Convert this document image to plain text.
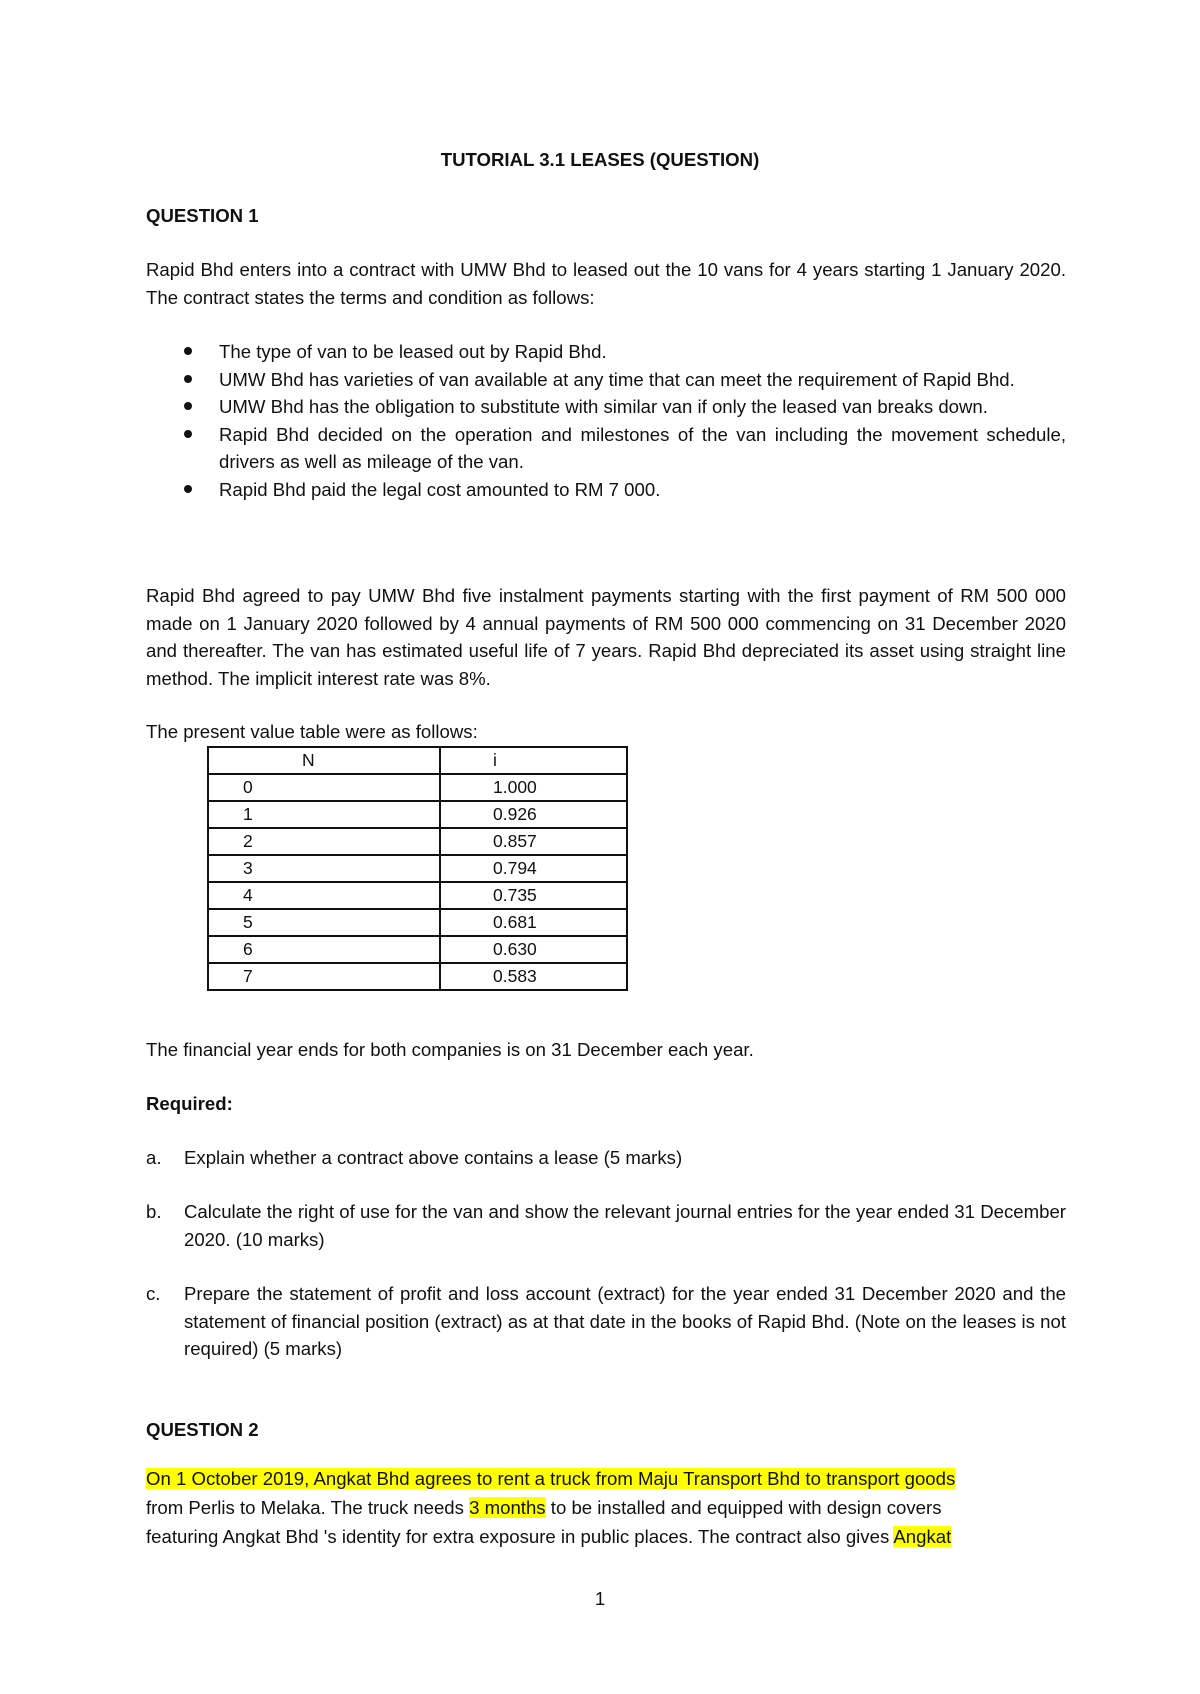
TUTORIAL 3.1 LEASES (QUESTION)
QUESTION 1
Rapid Bhd enters into a contract with UMW Bhd to leased out the 10 vans for 4 years starting 1 January 2020. The contract states the terms and condition as follows:
The type of van to be leased out by Rapid Bhd.
UMW Bhd has varieties of van available at any time that can meet the requirement of Rapid Bhd.
UMW Bhd has the obligation to substitute with similar van if only the leased van breaks down.
Rapid Bhd decided on the operation and milestones of the van including the movement schedule, drivers as well as mileage of the van.
Rapid Bhd paid the legal cost amounted to RM 7 000.
Rapid Bhd agreed to pay UMW Bhd five instalment payments starting with the first payment of RM 500 000 made on 1 January 2020 followed by 4 annual payments of RM 500 000 commencing on 31 December 2020 and thereafter. The van has estimated useful life of 7 years. Rapid Bhd depreciated its asset using straight line method. The implicit interest rate was 8%.
The present value table were as follows:
N	i
0	1.000
1	0.926
2	0.857
3	0.794
4	0.735
5	0.681
6	0.630
7	0.583
The financial year ends for both companies is on 31 December each year.
Required:
a. Explain whether a contract above contains a lease (5 marks)
b. Calculate the right of use for the van and show the relevant journal entries for the year ended 31 December 2020. (10 marks)
c. Prepare the statement of profit and loss account (extract) for the year ended 31 December 2020 and the statement of financial position (extract) as at that date in the books of Rapid Bhd. (Note on the leases is not required) (5 marks)
QUESTION 2
On 1 October 2019, Angkat Bhd agrees to rent a truck from Maju Transport Bhd to transport goods
from Perlis to Melaka. The truck needs 3 months to be installed and equipped with design covers
featuring Angkat Bhd 's identity for extra exposure in public places. The contract also gives Angkat
1
